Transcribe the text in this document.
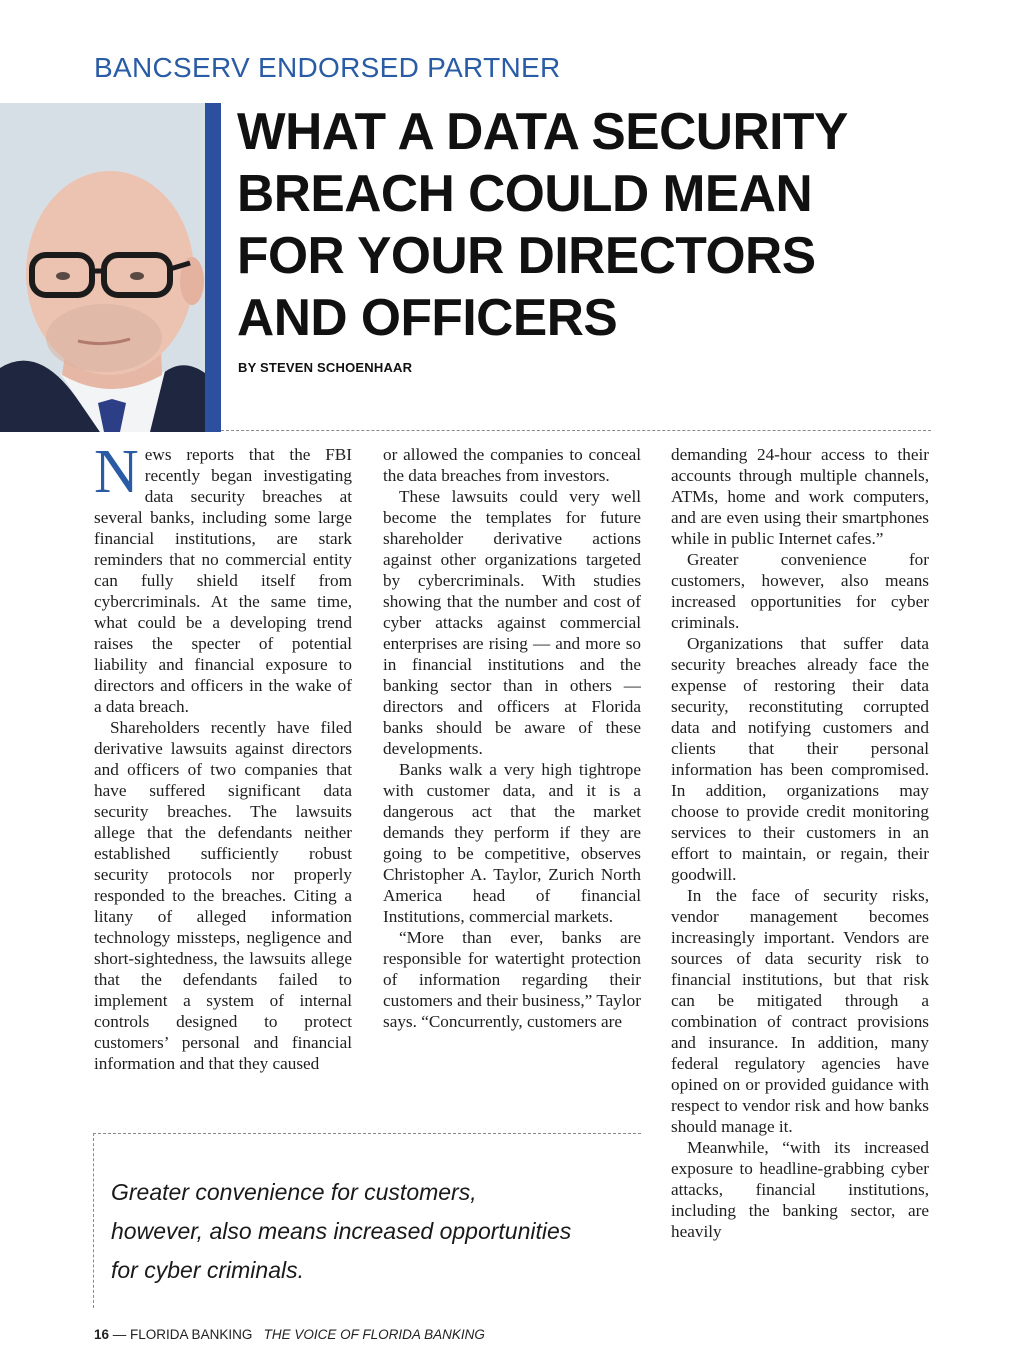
BANCSERV ENDORSED PARTNER
WHAT A DATA SECURITY
BREACH COULD MEAN
FOR YOUR DIRECTORS
AND OFFICERS
BY STEVEN SCHOENHAAR

News reports that the FBI recently began investigating data security breaches at several banks, including some large financial institutions, are stark reminders that no commercial entity can fully shield itself from cybercriminals. At the same time, what could be a developing trend raises the specter of potential liability and financial exposure to directors and officers in the wake of a data breach.

Shareholders recently have filed derivative lawsuits against directors and officers of two companies that have suffered significant data security breaches. The lawsuits allege that the defendants neither established sufficiently robust security protocols nor properly responded to the breaches. Citing a litany of alleged information technology missteps, negligence and short-sightedness, the lawsuits allege that the defendants failed to implement a system of internal controls designed to protect customers’ personal and financial information and that they caused

or allowed the companies to conceal the data breaches from investors.

These lawsuits could very well become the templates for future shareholder derivative actions against other organizations targeted by cybercriminals. With studies showing that the number and cost of cyber attacks against commercial enterprises are rising — and more so in financial institutions and the banking sector than in others — directors and officers at Florida banks should be aware of these developments.

Banks walk a very high tightrope with customer data, and it is a dangerous act that the market demands they perform if they are going to be competitive, observes Christopher A. Taylor, Zurich North America head of financial Institutions, commercial markets.

“More than ever, banks are responsible for watertight protection of information regarding their customers and their business,” Taylor says. “Concurrently, customers are

demanding 24-hour access to their accounts through multiple channels, ATMs, home and work computers, and are even using their smartphones while in public Internet cafes.”

Greater convenience for customers, however, also means increased opportunities for cyber criminals.

Organizations that suffer data security breaches already face the expense of restoring their data security, reconstituting corrupted data and notifying customers and clients that their personal information has been compromised. In addition, organizations may choose to provide credit monitoring services to their customers in an effort to maintain, or regain, their goodwill.

In the face of security risks, vendor management becomes increasingly important. Vendors are sources of data security risk to financial institutions, but that risk can be mitigated through a combination of contract provisions and insurance. In addition, many federal regulatory agencies have opined on or provided guidance with respect to vendor risk and how banks should manage it.

Meanwhile, “with its increased exposure to headline-grabbing cyber attacks, financial institutions, including the banking sector, are heavily

Greater convenience for customers,
however, also means increased opportunities
for cyber criminals.
16 — FLORIDA BANKING THE VOICE OF FLORIDA BANKING
